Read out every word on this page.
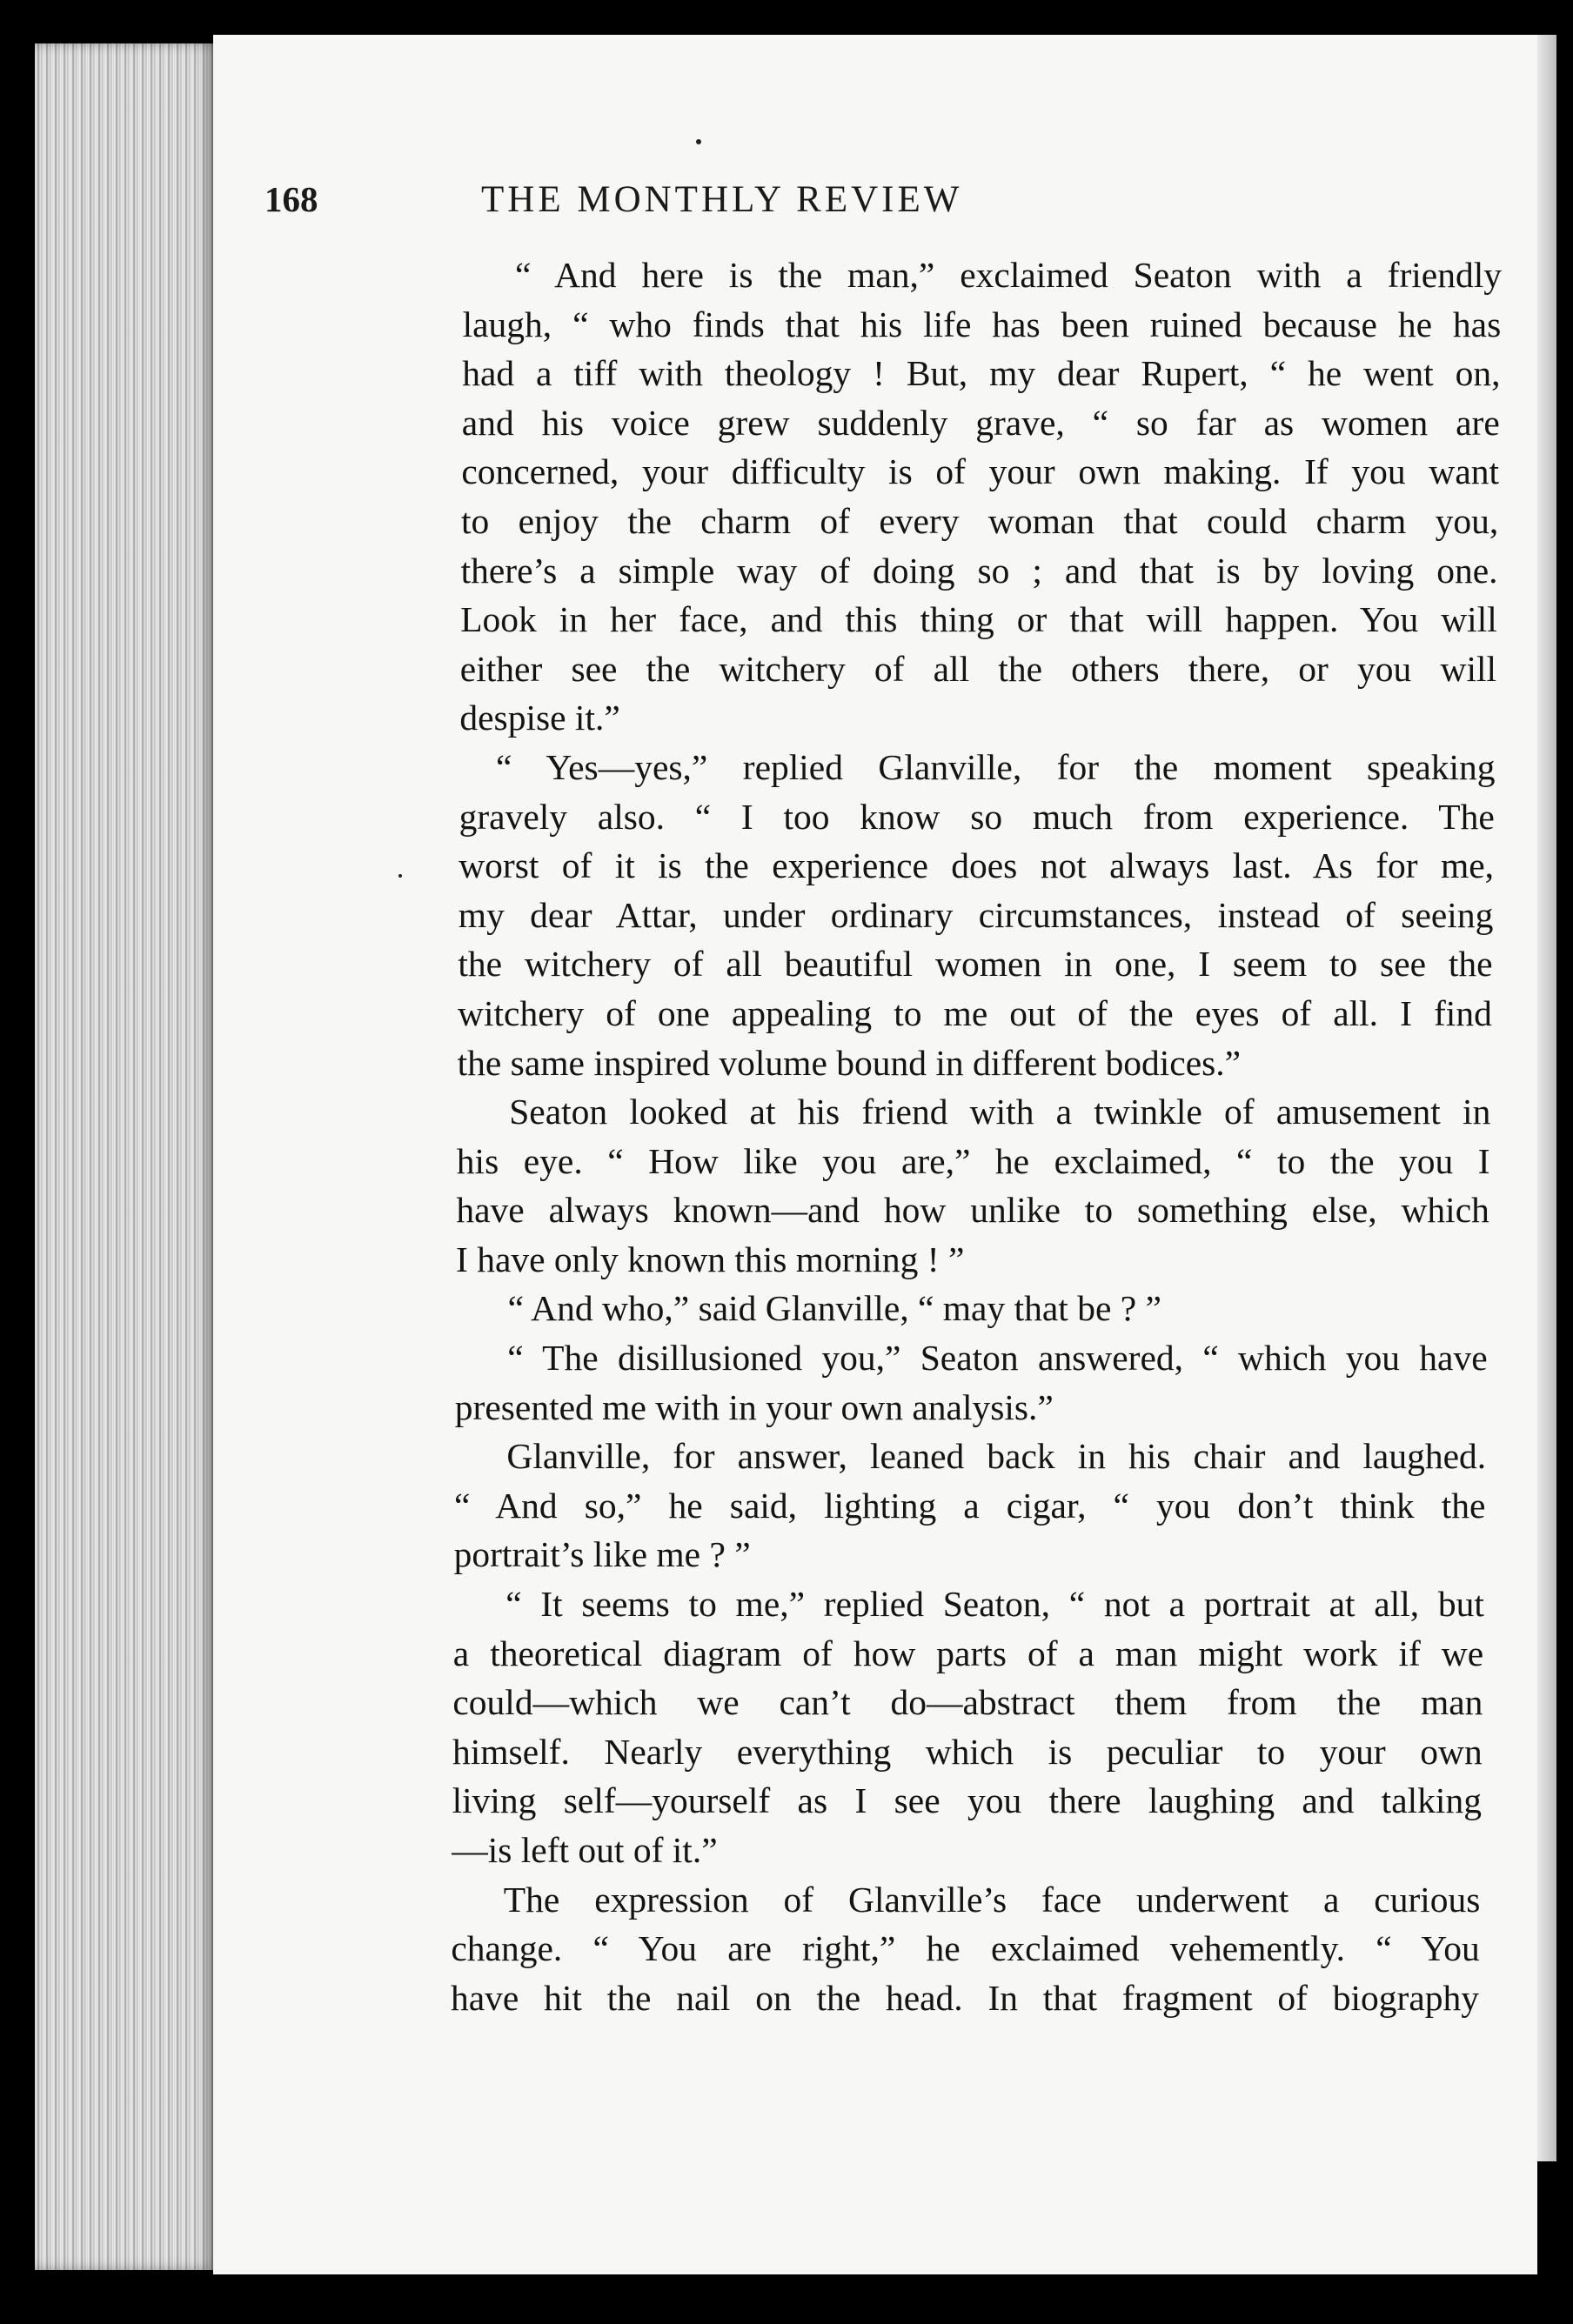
168	THE MONTHLY REVIEW
“ And here is the man,” exclaimed Seaton with a friendly
laugh, “ who finds that his life has been ruined because he has
had a tiff with theology ! But, my dear Rupert, “ he went on,
and his voice grew suddenly grave, “ so far as women are
concerned, your difficulty is of your own making. If you want
to enjoy the charm of every woman that could charm you,
there’s a simple way of doing so ; and that is by loving one.
Look in her face, and this thing or that will happen. You will
either see the witchery of all the others there, or you will
despise it.”
“ Yes—yes,” replied Glanville, for the moment speaking
gravely also. “ I too know so much from experience. The
worst of it is the experience does not always last. As for me,
my dear Attar, under ordinary circumstances, instead of seeing
the witchery of all beautiful women in one, I seem to see the
witchery of one appealing to me out of the eyes of all. I find
the same inspired volume bound in different bodices.”
Seaton looked at his friend with a twinkle of amusement in
his eye. “ How like you are,” he exclaimed, “ to the you I
have always known—and how unlike to something else, which
I have only known this morning ! ”
“ And who,” said Glanville, “ may that be ? ”
“ The disillusioned you,” Seaton answered, “ which you have
presented me with in your own analysis.”
Glanville, for answer, leaned back in his chair and laughed.
“ And so,” he said, lighting a cigar, “ you don’t think the
portrait’s like me ? ”
“ It seems to me,” replied Seaton, “ not a portrait at all, but
a theoretical diagram of how parts of a man might work if we
could—which we can’t do—abstract them from the man
himself. Nearly everything which is peculiar to your own
living self—yourself as I see you there laughing and talking
—is left out of it.”
The expression of Glanville’s face underwent a curious
change. “ You are right,” he exclaimed vehemently. “ You
have hit the nail on the head. In that fragment of biography
